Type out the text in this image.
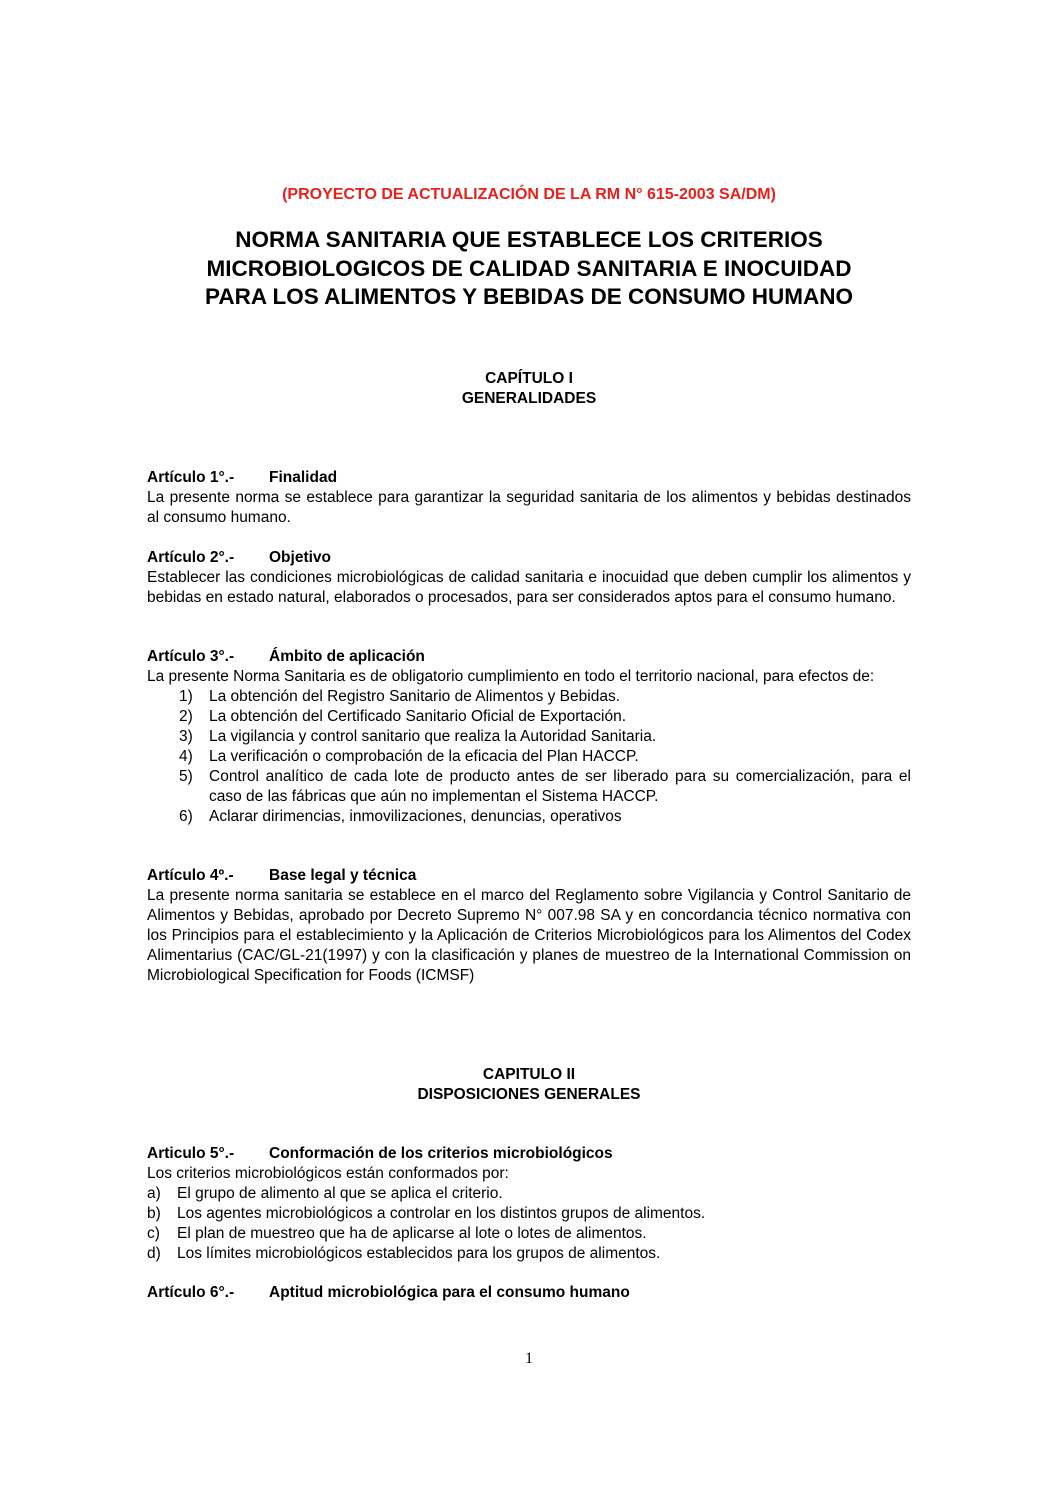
(PROYECTO DE ACTUALIZACIÓN DE LA RM N° 615-2003 SA/DM)
NORMA SANITARIA QUE ESTABLECE LOS CRITERIOS
MICROBIOLOGICOS DE CALIDAD SANITARIA E INOCUIDAD
PARA LOS ALIMENTOS Y BEBIDAS DE CONSUMO HUMANO
CAPÍTULO I
GENERALIDADES
Artículo 1°.- Finalidad
La presente norma se establece para garantizar la seguridad sanitaria de los alimentos y bebidas destinados al consumo humano.
Artículo 2°.- Objetivo
Establecer las condiciones microbiológicas de calidad sanitaria e inocuidad que deben cumplir los alimentos y bebidas en estado natural, elaborados o procesados, para ser considerados aptos para el consumo humano.
Artículo 3°.- Ámbito de aplicación
La presente Norma Sanitaria es de obligatorio cumplimiento en todo el territorio nacional, para efectos de:
1) La obtención del Registro Sanitario de Alimentos y Bebidas.
2) La obtención del Certificado Sanitario Oficial de Exportación.
3) La vigilancia y control sanitario que realiza la Autoridad Sanitaria.
4) La verificación o comprobación de la eficacia del Plan HACCP.
5) Control analítico de cada lote de producto antes de ser liberado para su comercialización, para el caso de las fábricas que aún no implementan el Sistema HACCP.
6) Aclarar dirimencias, inmovilizaciones, denuncias, operativos
Artículo 4º.- Base legal y técnica
La presente norma sanitaria se establece en el marco del Reglamento sobre Vigilancia y Control Sanitario de Alimentos y Bebidas, aprobado por Decreto Supremo N° 007.98 SA y en concordancia técnico normativa con los Principios para el establecimiento y la Aplicación de Criterios Microbiológicos para los Alimentos del Codex Alimentarius (CAC/GL-21(1997) y con la clasificación y planes de muestreo de la International Commission on Microbiological Specification for Foods (ICMSF)
CAPITULO II
DISPOSICIONES GENERALES
Articulo 5°.- Conformación de los criterios microbiológicos
Los criterios microbiológicos están conformados por:
a) El grupo de alimento al que se aplica el criterio.
b) Los agentes microbiológicos a controlar en los distintos grupos de alimentos.
c) El plan de muestreo que ha de aplicarse al lote o lotes de alimentos.
d) Los límites microbiológicos establecidos para los grupos de alimentos.
Artículo 6°.- Aptitud microbiológica para el consumo humano
1
